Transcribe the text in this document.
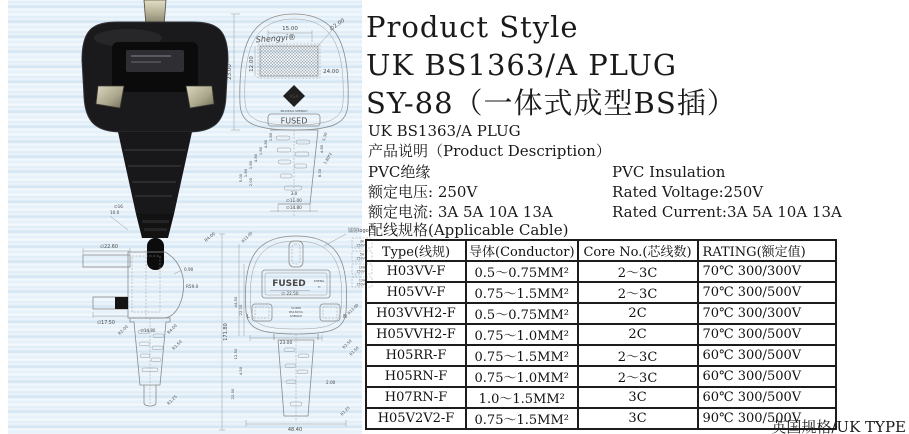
Shengyi®
15.00	∅2.00
12.00
24.00
23.00
ASA
BS1363/A SHENGYI
FUSED
1.80
4.80
1.80
4.80
1.80
5.00
1.80
2.00
5.30
4.80
1.80*2
8.30
3.0
∅11.00
∅14.80
∅16
10.0
R4.00
∅22.60
∅17.50
0.90
R59.0
∅14.80
R2.00	R4.00
R1.50
R1.25
171.80
R13.05
FUSED	SHENG
YI
∅ 22.50
L	N
SY-888
BS1363/A
SHENGYI
镭射logo
3A
250V~
5A
250V~
10A
250V~
13A
250V~
44.50
22.10
12.50
4.50
22.00
23.00
R13.00
R2.50
R1.50
R1.25
2.00
48.40
Product Style
UK BS1363/A PLUG
SY-88（一体式成型BS插）
UK BS1363/A PLUG
产品说明（Product Description）
PVC绝缘	PVC Insulation
额定电压: 250V	Rated Voltage:250V
额定电流: 3A 5A 10A 13A	Rated Current:3A 5A 10A 13A
配线规格(Applicable Cable)
Type(线规)	导体(Conductor)	Core No.(芯线数)	RATING(额定值)
H03VV-F	0.5～0.75MM²	2～3C	70℃ 300/300V
H05VV-F	0.75～1.5MM²	2～3C	70℃ 300/500V
H03VVH2-F	0.5～0.75MM²	2C	70℃ 300/300V
H05VVH2-F	0.75～1.0MM²	2C	70℃ 300/500V
H05RR-F	0.75～1.5MM²	2～3C	60℃ 300/500V
H05RN-F	0.75～1.0MM²	2～3C	60℃ 300/500V
H07RN-F	1.0～1.5MM²	3C	60℃ 300/500V
H05V2V2-F	0.75～1.5MM²	3C	90℃ 300/500V
英国规格/UK TYPE
